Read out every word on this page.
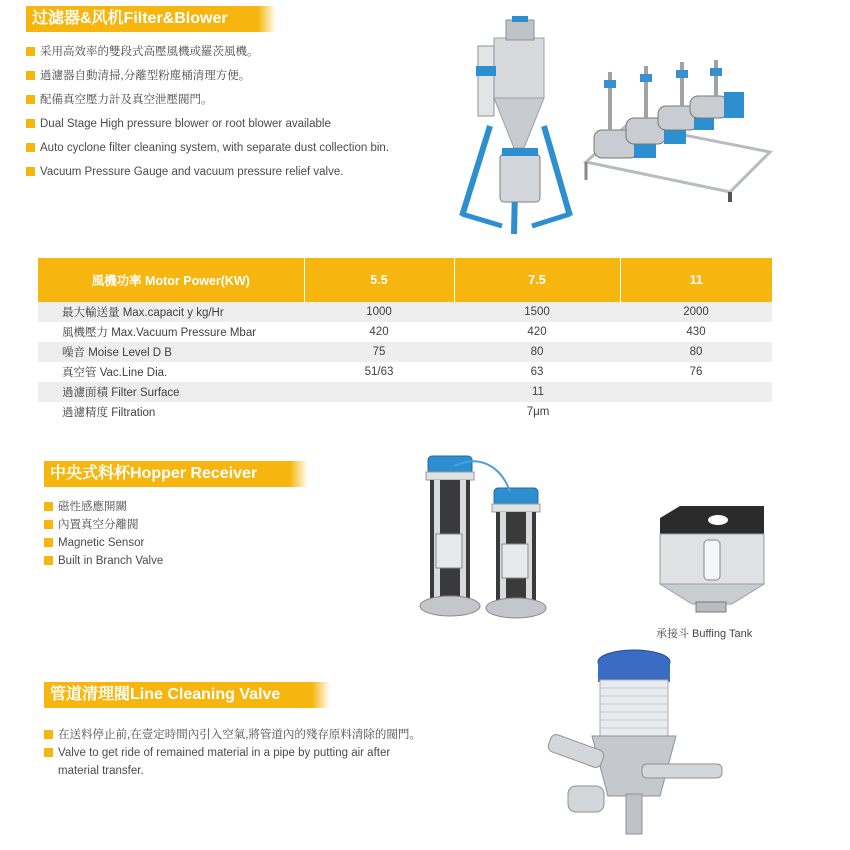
过滤器&风机Filter&Blower
采用高效率的雙段式高壓風機或羅茨風機。
過濾器自動清掃,分離型粉塵桶清理方便。
配備真空壓力計及真空泄壓閥門。
Dual Stage High pressure blower or root blower available
Auto cyclone filter cleaning system, with separate dust collection bin.
Vacuum Pressure Gauge and vacuum pressure relief valve.
風機功率 Motor Power(KW)	5.5	7.5	11
最大輸送量 Max.capacit y kg/Hr	1000	1500	2000
風機壓力 Max.Vacuum Pressure Mbar	420	420	430
噪音 Moise Level D B	75	80	80
真空管 Vac.Line Dia.	51/63	63	76
過濾面積 Filter Surface	11		
過濾精度 Filtration	7μm		
中央式料杯Hopper Receiver
磁性感應開關
內置真空分離閥
Magnetic Sensor
Built in Branch Valve
承接斗 Buffing Tank
管道清理閥Line Cleaning Valve
在送料停止前,在壹定時間內引入空氣,將管道內的殘存原料清除的閥門。
Valve to get ride of remained material in a pipe by putting air after
material transfer.
